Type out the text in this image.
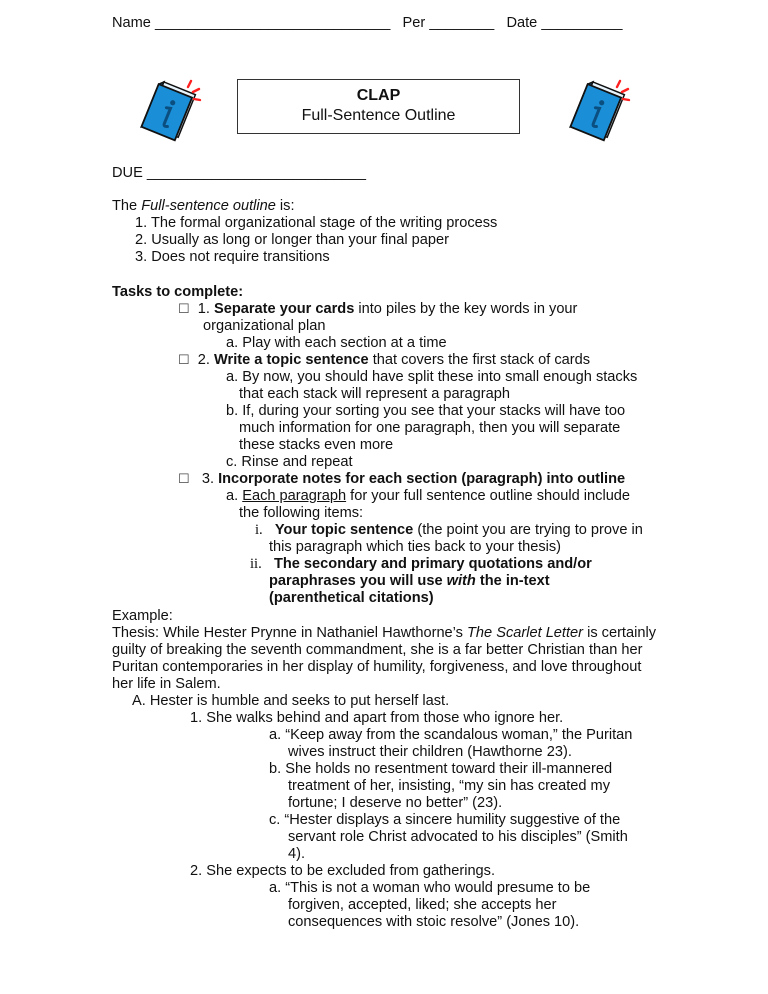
Name _____________________________ Per ________ Date __________
CLAP
Full-Sentence Outline
DUE ___________________________
The Full-sentence outline is:
1. The formal organizational stage of the writing process
2. Usually as long or longer than your final paper
3. Does not require transitions
Tasks to complete:
☐ 1. Separate your cards into piles by the key words in your
organizational plan
a. Play with each section at a time
☐ 2. Write a topic sentence that covers the first stack of cards
a. By now, you should have split these into small enough stacks
that each stack will represent a paragraph
b. If, during your sorting you see that your stacks will have too
much information for one paragraph, then you will separate
these stacks even more
c. Rinse and repeat
☐ 3. Incorporate notes for each section (paragraph) into outline
a. Each paragraph for your full sentence outline should include
the following items:
i. Your topic sentence (the point you are trying to prove in
this paragraph which ties back to your thesis)
ii. The secondary and primary quotations and/or
paraphrases you will use with the in-text
(parenthetical citations)
Example:
Thesis: While Hester Prynne in Nathaniel Hawthorne’s The Scarlet Letter is certainly
guilty of breaking the seventh commandment, she is a far better Christian than her
Puritan contemporaries in her display of humility, forgiveness, and love throughout
her life in Salem.
A. Hester is humble and seeks to put herself last.
1. She walks behind and apart from those who ignore her.
a. “Keep away from the scandalous woman,” the Puritan
wives instruct their children (Hawthorne 23).
b. She holds no resentment toward their ill-mannered
treatment of her, insisting, “my sin has created my
fortune; I deserve no better” (23).
c. “Hester displays a sincere humility suggestive of the
servant role Christ advocated to his disciples” (Smith
4).
2. She expects to be excluded from gatherings.
a. “This is not a woman who would presume to be
forgiven, accepted, liked; she accepts her
consequences with stoic resolve” (Jones 10).
